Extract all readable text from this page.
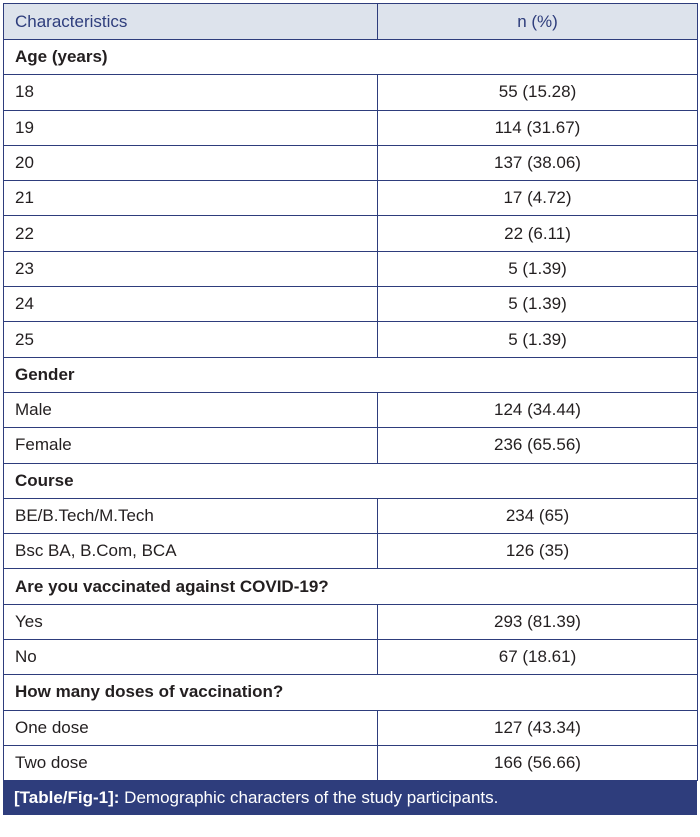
Characteristics	n (%)
Age (years)	
18	55 (15.28)
19	114 (31.67)
20	137 (38.06)
21	17 (4.72)
22	22 (6.11)
23	5 (1.39)
24	5 (1.39)
25	5 (1.39)
Gender	
Male	124 (34.44)
Female	236 (65.56)
Course	
BE/B.Tech/M.Tech	234 (65)
Bsc BA, B.Com, BCA	126 (35)
Are you vaccinated against COVID-19?	
Yes	293 (81.39)
No	67 (18.61)
How many doses of vaccination?	
One dose	127 (43.34)
Two dose	166 (56.66)
[Table/Fig-1]: Demographic characters of the study participants.
